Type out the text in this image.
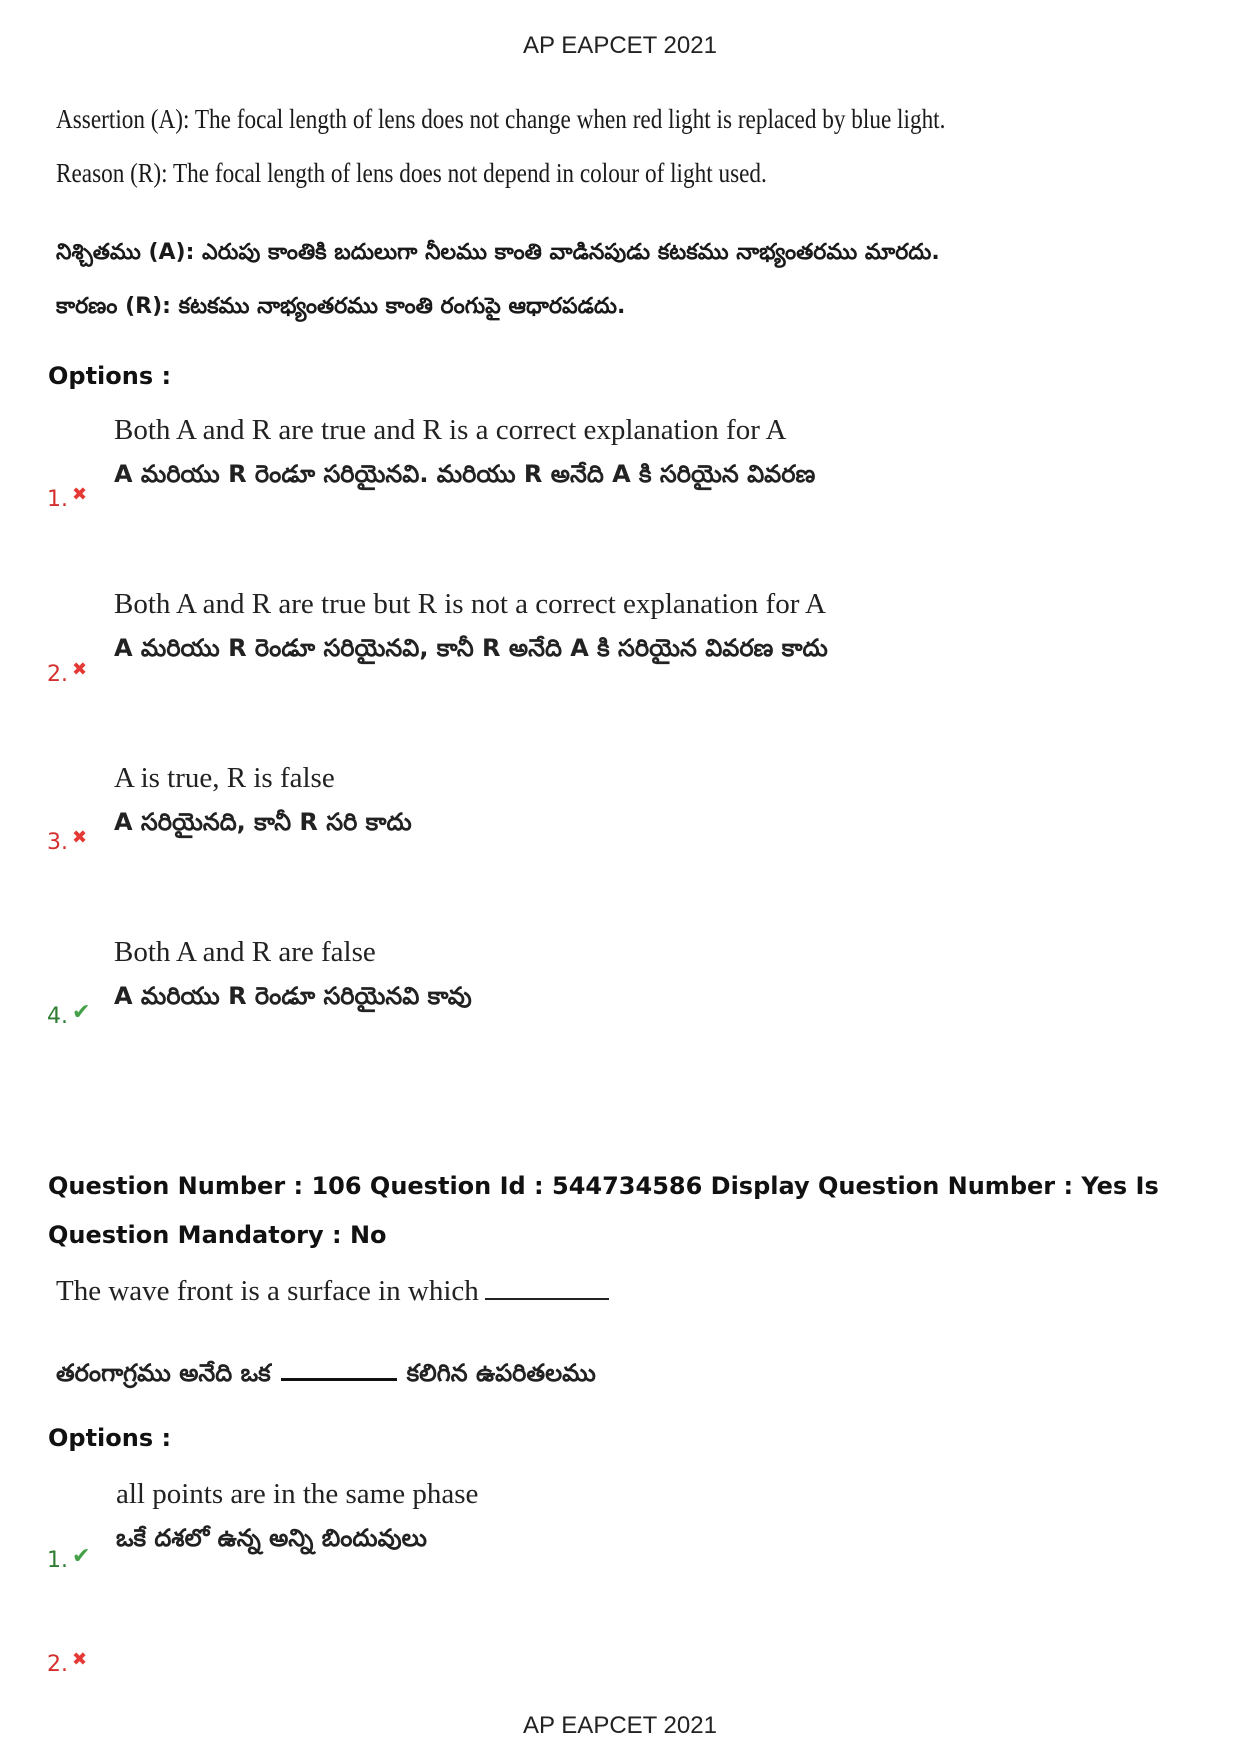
AP EAPCET 2021
Assertion (A): The focal length of lens does not change when red light is replaced by blue light.
Reason (R): The focal length of lens does not depend in colour of light used.
నిశ్చితము (A): ఎరుపు కాంతికి బదులుగా నీలము కాంతి వాడినపుడు కటకము నాభ్యంతరము మారదు.
కారణం (R): కటకము నాభ్యంతరము కాంతి రంగుపై ఆధారపడదు.
Options :
Both A and R are true and R is a correct explanation for A
A మరియు R రెండూ సరియైనవి. మరియు R అనేది A కి సరియైన వివరణ
1. ✖
Both A and R are true but R is not a correct explanation for A
A మరియు R రెండూ సరియైనవి, కానీ R అనేది A కి సరియైన వివరణ కాదు
2. ✖
A is true, R is false
A సరియైనది, కానీ R సరి కాదు
3. ✖
Both A and R are false
A మరియు R రెండూ సరియైనవి కావు
4. ✔
Question Number : 106 Question Id : 544734586 Display Question Number : Yes Is Question Mandatory : No
The wave front is a surface in which
తరంగాగ్రము అనేది ఒక	కలిగిన ఉపరితలము
Options :
all points are in the same phase
ఒకే దశలో ఉన్న అన్ని బిందువులు
1. ✔
2. ✖
AP EAPCET 2021
